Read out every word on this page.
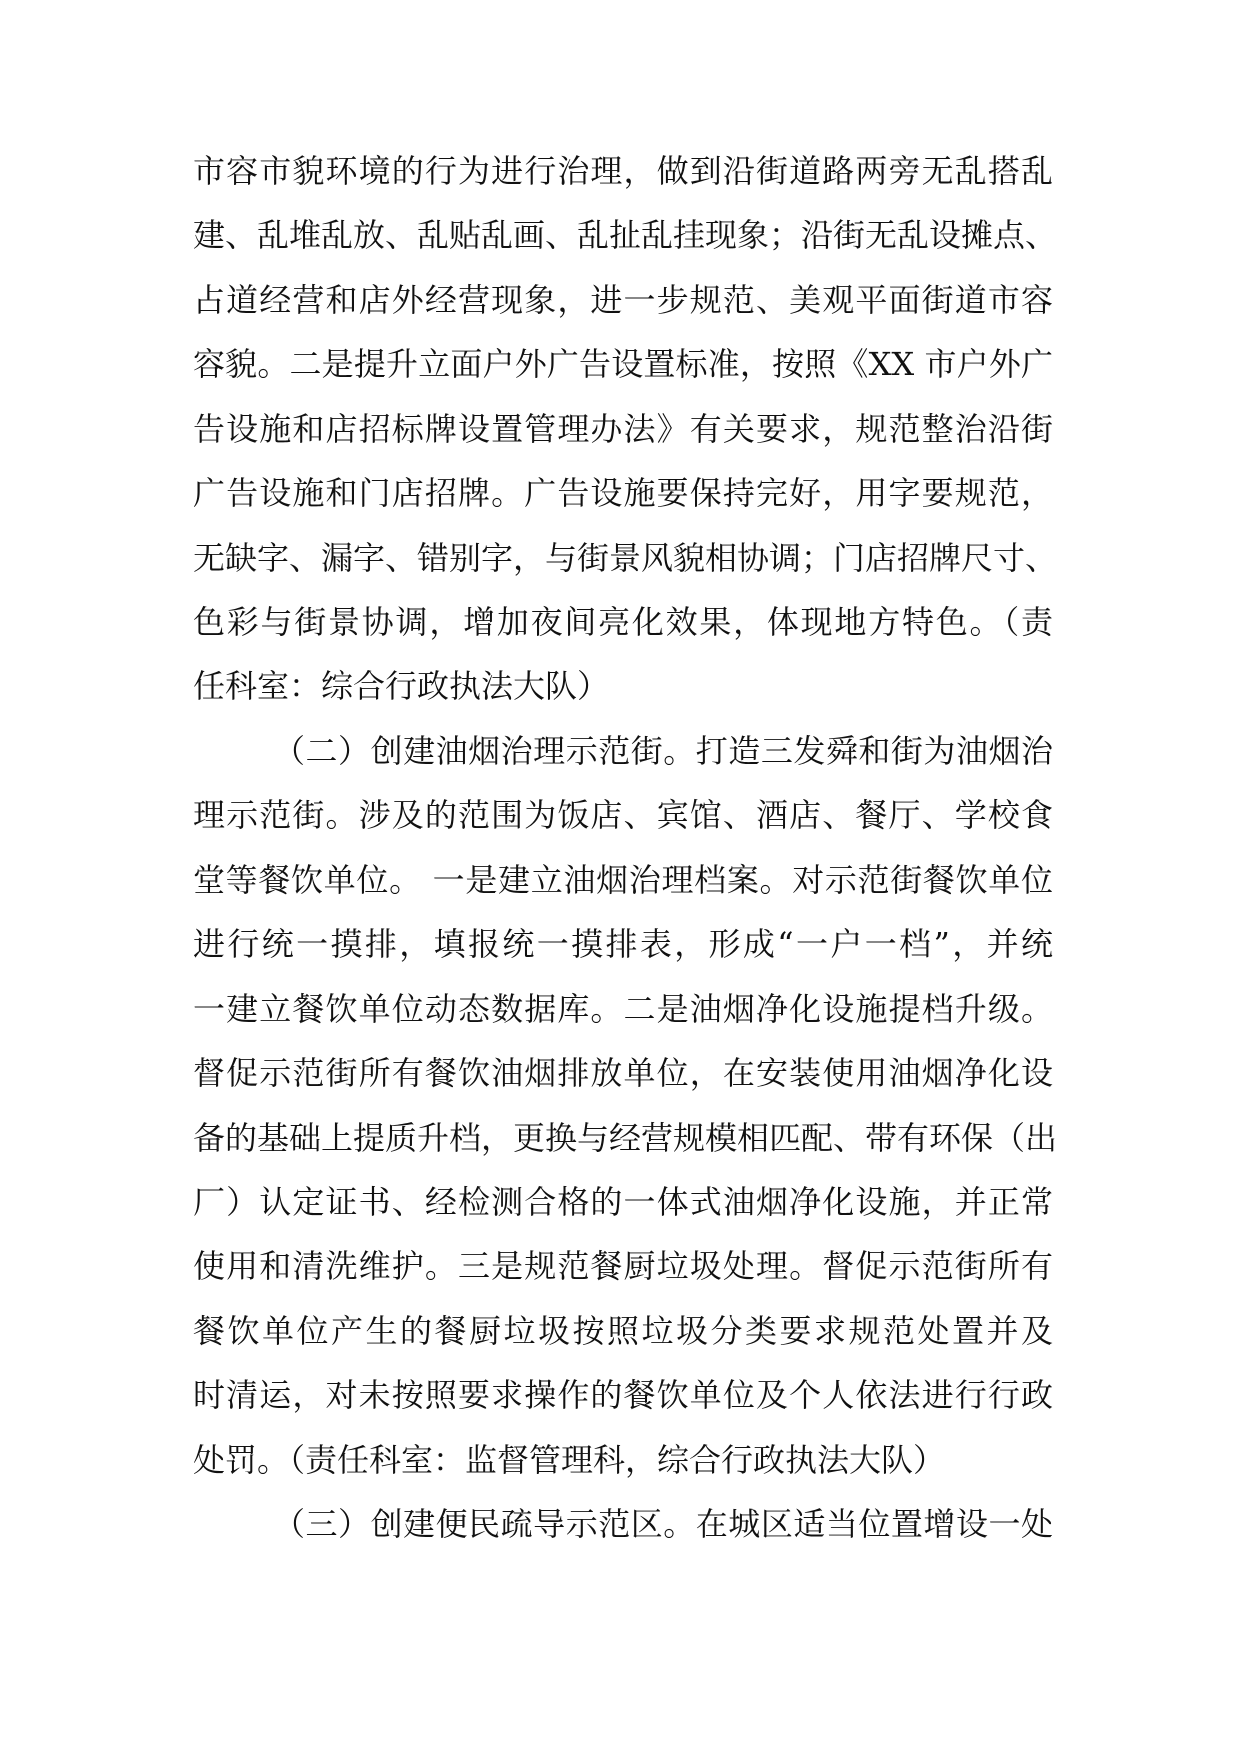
市容市貌环境的行为进行治理，做到沿街道路两旁无乱搭乱
建、乱堆乱放、乱贴乱画、乱扯乱挂现象；沿街无乱设摊点、
占道经营和店外经营现象，进一步规范、美观平面街道市容
容貌。二是提升立面户外广告设置标准，按照《XX 市户外广
告设施和店招标牌设置管理办法》有关要求，规范整治沿街
广告设施和门店招牌。广告设施要保持完好，用字要规范，
无缺字、漏字、错别字，与街景风貌相协调；门店招牌尺寸、
色彩与街景协调，增加夜间亮化效果，体现地方特色。（责
任科室：综合行政执法大队）
（二）创建油烟治理示范街。打造三发舜和街为油烟治
理示范街。涉及的范围为饭店、宾馆、酒店、餐厅、学校食
堂等餐饮单位。 一是建立油烟治理档案。对示范街餐饮单位
进行统一摸排，填报统一摸排表，形成“一户一档”，并统
一建立餐饮单位动态数据库。二是油烟净化设施提档升级。
督促示范街所有餐饮油烟排放单位，在安装使用油烟净化设
备的基础上提质升档，更换与经营规模相匹配、带有环保（出
厂）认定证书、经检测合格的一体式油烟净化设施，并正常
使用和清洗维护。三是规范餐厨垃圾处理。督促示范街所有
餐饮单位产生的餐厨垃圾按照垃圾分类要求规范处置并及
时清运，对未按照要求操作的餐饮单位及个人依法进行行政
处罚。（责任科室：监督管理科，综合行政执法大队）
（三）创建便民疏导示范区。在城区适当位置增设一处
